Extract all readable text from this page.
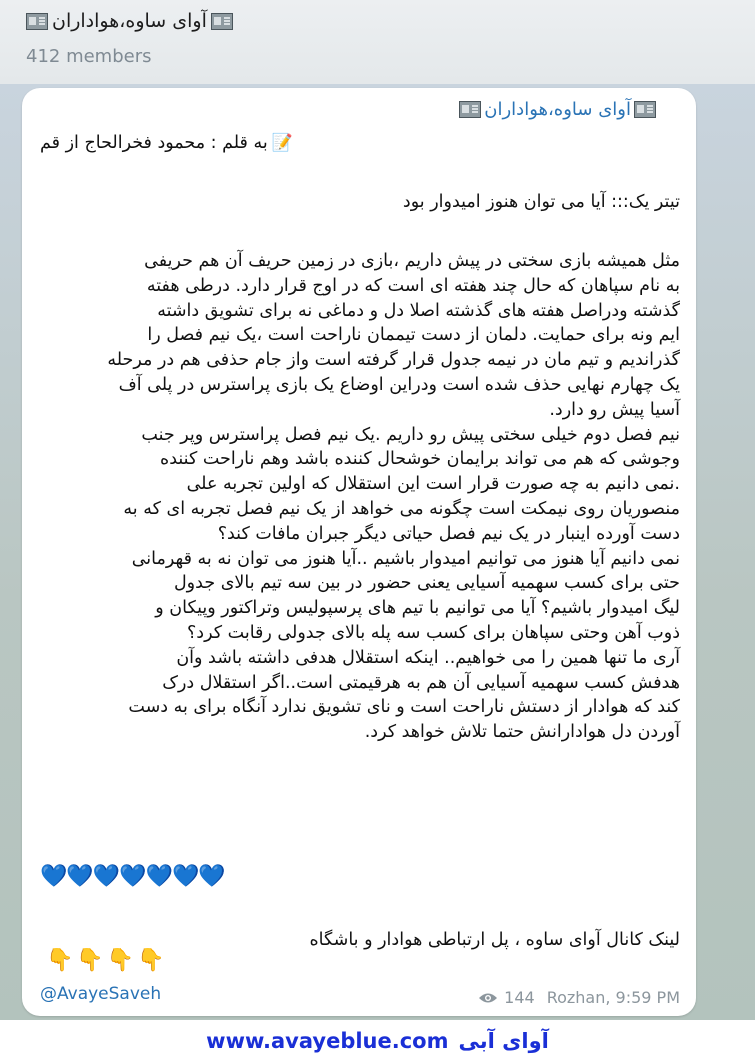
آوای ساوه،هواداران
412 members
آوای ساوه،هواداران
📝
به قلم : محمود فخرالحاج از قم
تیتر یک::: آیا می توان هنوز امیدوار بود
مثل همیشه بازی سختی در پیش داریم ،بازی در زمین حریف آن هم حریفی
به نام سپاهان که حال چند هفته ای است که در اوج قرار دارد. درطی هفته
گذشته ودراصل هفته های گذشته اصلا دل و دماغی نه برای تشویق داشته
ایم ونه برای حمایت. دلمان از دست تیممان ناراحت است ،یک نیم فصل را
گذراندیم و تیم مان در نیمه جدول قرار گرفته است واز جام حذفی هم در مرحله
یک چهارم نهایی حذف شده است ودراین اوضاع یک بازی پراسترس در پلی آف
آسیا پیش رو دارد.
نیم فصل دوم خیلی سختی پیش رو داریم .یک نیم فصل پراسترس وپر جنب
وجوشی که هم می تواند برایمان خوشحال کننده باشد وهم ناراحت کننده
.نمی دانیم به چه صورت قرار است این استقلال که اولین تجربه علی
منصوریان روی نیمکت است چگونه می خواهد از یک نیم فصل تجربه ای که به
دست آورده اینبار در یک نیم فصل حیاتی دیگر جبران مافات کند؟
نمی دانیم آیا هنوز می توانیم امیدوار باشیم ..آیا هنوز می توان نه به قهرمانی
حتی برای کسب سهمیه آسیایی یعنی حضور در بین سه تیم بالای جدول
لیگ امیدوار باشیم؟ آیا می توانیم با تیم های پرسپولیس وتراکتور وپیکان و
ذوب آهن وحتی سپاهان برای کسب سه پله بالای جدولی رقابت کرد؟
آری ما تنها همین را می خواهیم.. اینکه استقلال هدفی داشته باشد وآن
هدفش کسب سهمیه آسیایی آن هم به هرقیمتی است..اگر استقلال درک
کند که هوادار از دستش ناراحت است و نای تشویق ندارد آنگاه برای به دست
آوردن دل هوادارانش حتما تلاش خواهد کرد.
💙💙💙💙💙💙💙
لینک کانال آوای ساوه ، پل ارتباطی هوادار و باشگاه
👇👇👇👇
@AvayeSaveh	144 Rozhan, 9:59 PM
www.avayeblue.com آوای آبی
